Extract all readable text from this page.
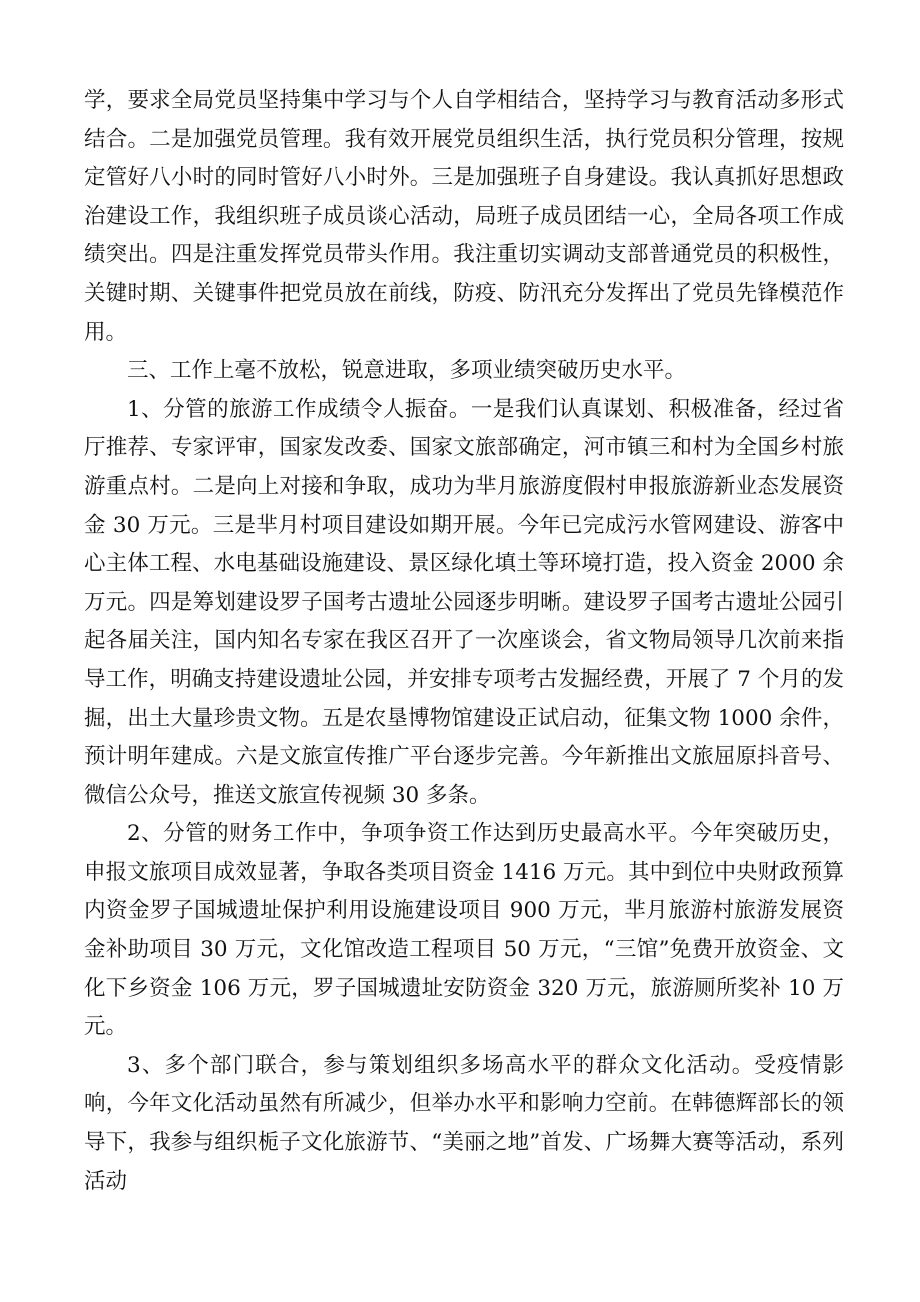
学，要求全局党员坚持集中学习与个人自学相结合，坚持学习与教育活动多形式结合。二是加强党员管理。我有效开展党员组织生活，执行党员积分管理，按规定管好八小时的同时管好八小时外。三是加强班子自身建设。我认真抓好思想政治建设工作，我组织班子成员谈心活动，局班子成员团结一心，全局各项工作成绩突出。四是注重发挥党员带头作用。我注重切实调动支部普通党员的积极性，关键时期、关键事件把党员放在前线，防疫、防汛充分发挥出了党员先锋模范作用。

三、工作上毫不放松，锐意进取，多项业绩突破历史水平。

1、分管的旅游工作成绩令人振奋。一是我们认真谋划、积极准备，经过省厅推荐、专家评审，国家发改委、国家文旅部确定，河市镇三和村为全国乡村旅游重点村。二是向上对接和争取，成功为芈月旅游度假村申报旅游新业态发展资金 30 万元。三是芈月村项目建设如期开展。今年已完成污水管网建设、游客中心主体工程、水电基础设施建设、景区绿化填土等环境打造，投入资金 2000 余万元。四是筹划建设罗子国考古遗址公园逐步明晰。建设罗子国考古遗址公园引起各届关注，国内知名专家在我区召开了一次座谈会，省文物局领导几次前来指导工作，明确支持建设遗址公园，并安排专项考古发掘经费，开展了 7 个月的发掘，出土大量珍贵文物。五是农垦博物馆建设正试启动，征集文物 1000 余件，预计明年建成。六是文旅宣传推广平台逐步完善。今年新推出文旅屈原抖音号、微信公众号，推送文旅宣传视频 30 多条。

2、分管的财务工作中，争项争资工作达到历史最高水平。今年突破历史，申报文旅项目成效显著，争取各类项目资金 1416 万元。其中到位中央财政预算内资金罗子国城遗址保护利用设施建设项目 900 万元，芈月旅游村旅游发展资金补助项目 30 万元，文化馆改造工程项目 50 万元，“三馆”免费开放资金、文化下乡资金 106 万元，罗子国城遗址安防资金 320 万元，旅游厕所奖补 10 万元。

3、多个部门联合，参与策划组织多场高水平的群众文化活动。受疫情影响，今年文化活动虽然有所减少，但举办水平和影响力空前。在韩德辉部长的领导下，我参与组织栀子文化旅游节、“美丽之地”首发、广场舞大赛等活动，系列活动
